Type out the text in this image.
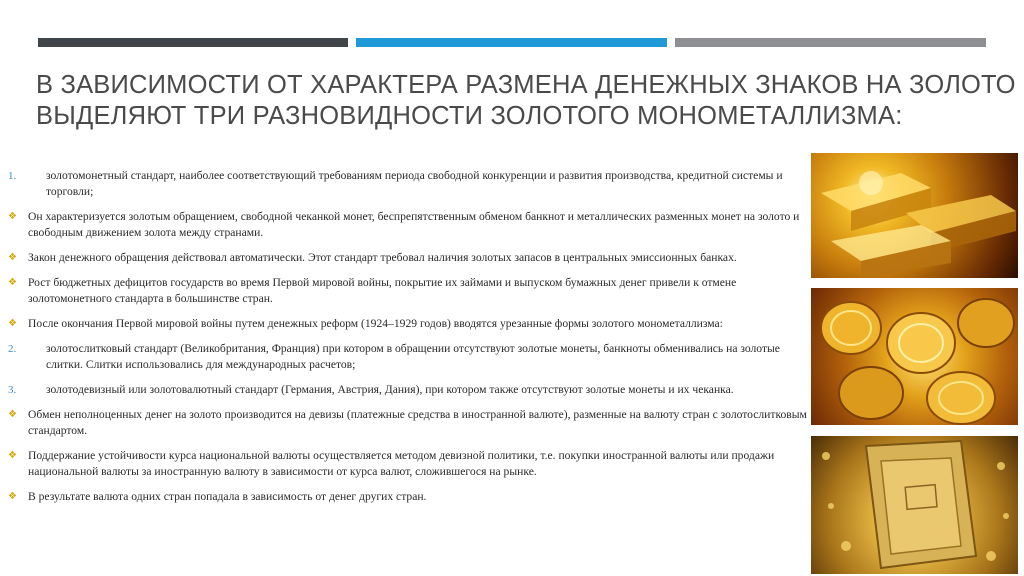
В ЗАВИСИМОСТИ ОТ ХАРАКТЕРА РАЗМЕНА ДЕНЕЖНЫХ ЗНАКОВ НА ЗОЛОТО
ВЫДЕЛЯЮТ ТРИ РАЗНОВИДНОСТИ ЗОЛОТОГО МОНОМЕТАЛЛИЗМА:
1.	золотомонетный стандарт, наиболее соответствующий требованиям периода свободной конкуренции и развития производства, кредитной системы и торговли;
❖ Он характеризуется золотым обращением, свободной чеканкой монет, беспрепятственным обменом банкнот и металлических разменных монет на золото и свободным движением золота между странами.
❖ Закон денежного обращения действовал автоматически. Этот стандарт требовал наличия золотых запасов в центральных эмиссионных банках.
❖ Рост бюджетных дефицитов государств во время Первой мировой войны, покрытие их займами и выпуском бумажных денег привели к отмене золотомонетного стандарта в большинстве стран.
❖ После окончания Первой мировой войны путем денежных реформ (1924–1929 годов) вводятся урезанные формы золотого монометаллизма:
2.	золотослитковый стандарт (Великобритания, Франция) при котором в обращении отсутствуют золотые монеты, банкноты обменивались на золотые слитки. Слитки использовались для международных расчетов;
3.	золотодевизный или золотовалютный стандарт (Германия, Австрия, Дания), при котором также отсутствуют золотые монеты и их чеканка.
❖ Обмен неполноценных денег на золото производится на девизы (платежные средства в иностранной валюте), разменные на валюту стран с золотослитковым стандартом.
❖ Поддержание устойчивости курса национальной валюты осуществляется методом девизной политики, т.е. покупки иностранной валюты или продажи национальной валюты за иностранную валюту в зависимости от курса валют, сложившегося на рынке.
❖ В результате валюта одних стран попадала в зависимость от денег других стран.
